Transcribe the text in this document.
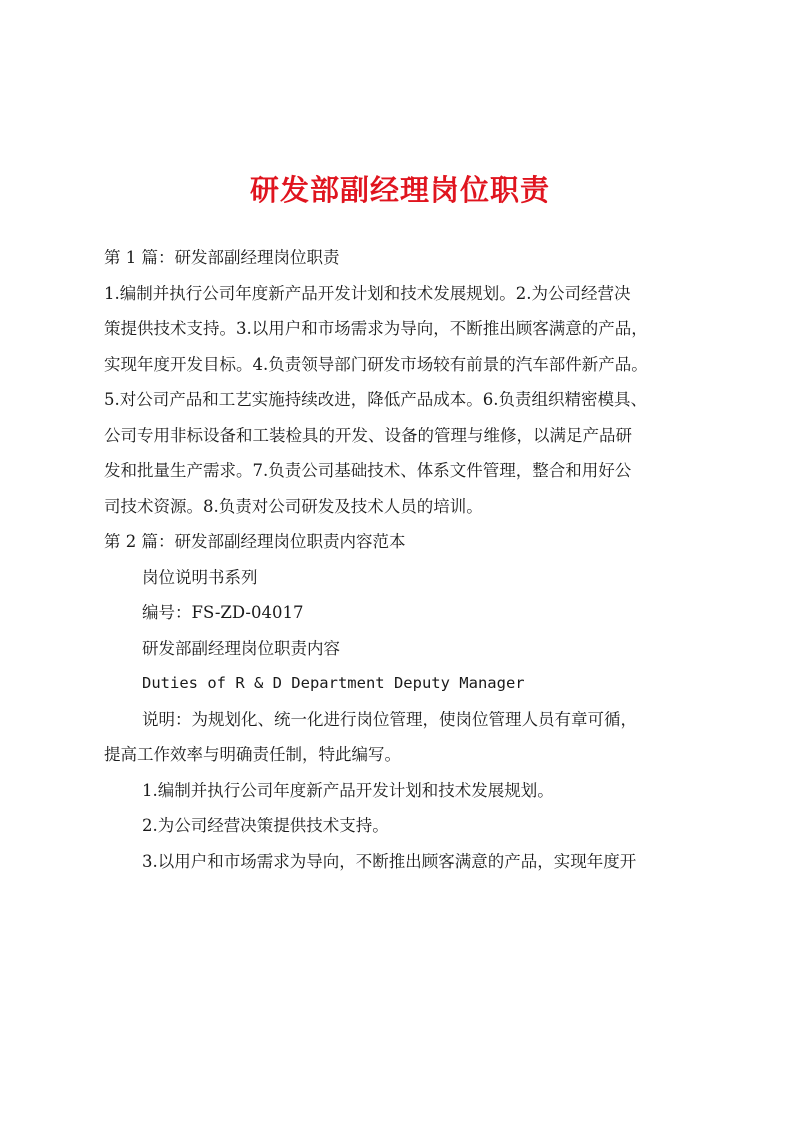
研发部副经理岗位职责
第 1 篇：研发部副经理岗位职责
1.编制并执行公司年度新产品开发计划和技术发展规划。2.为公司经营决
策提供技术支持。3.以用户和市场需求为导向，不断推出顾客满意的产品，
实现年度开发目标。4.负责领导部门研发市场较有前景的汽车部件新产品。
5.对公司产品和工艺实施持续改进，降低产品成本。6.负责组织精密模具、
公司专用非标设备和工装检具的开发、设备的管理与维修，以满足产品研
发和批量生产需求。7.负责公司基础技术、体系文件管理，整合和用好公
司技术资源。8.负责对公司研发及技术人员的培训。
第 2 篇：研发部副经理岗位职责内容范本
岗位说明书系列
编号：FS-ZD-04017
研发部副经理岗位职责内容
Duties of R & D Department Deputy Manager
说明：为规划化、统一化进行岗位管理，使岗位管理人员有章可循，
提高工作效率与明确责任制，特此编写。
1.编制并执行公司年度新产品开发计划和技术发展规划。
2.为公司经营决策提供技术支持。
3.以用户和市场需求为导向，不断推出顾客满意的产品，实现年度开
